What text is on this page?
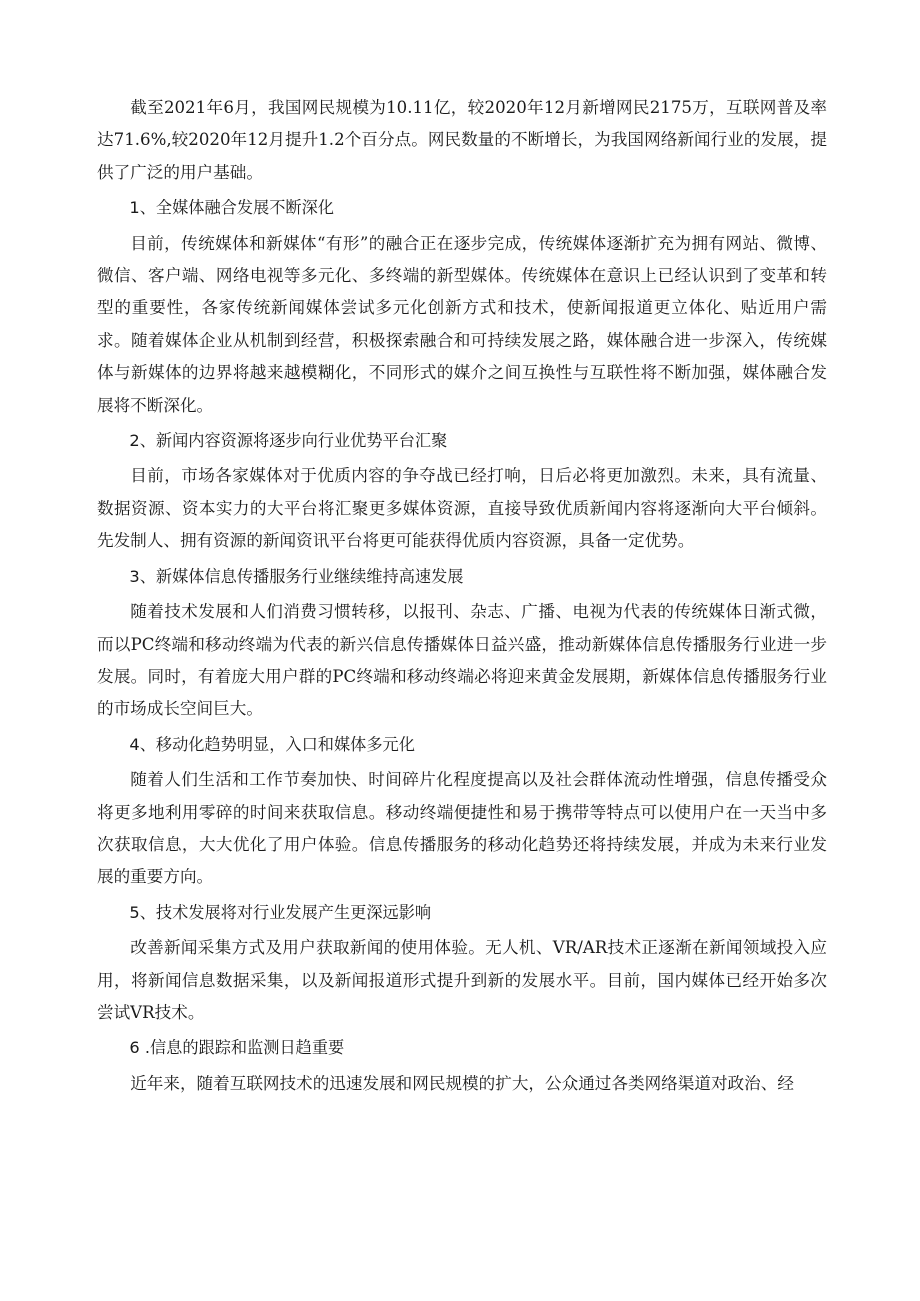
截至2021年6月，我国网民规模为10.11亿，较2020年12月新增网民2175万，互联网普及率达71.6%,较2020年12月提升1.2个百分点。网民数量的不断增长，为我国网络新闻行业的发展，提供了广泛的用户基础。

1、全媒体融合发展不断深化

目前，传统媒体和新媒体“有形”的融合正在逐步完成，传统媒体逐渐扩充为拥有网站、微博、微信、客户端、网络电视等多元化、多终端的新型媒体。传统媒体在意识上已经认识到了变革和转型的重要性，各家传统新闻媒体尝试多元化创新方式和技术，使新闻报道更立体化、贴近用户需求。随着媒体企业从机制到经营，积极探索融合和可持续发展之路，媒体融合进一步深入，传统媒体与新媒体的边界将越来越模糊化，不同形式的媒介之间互换性与互联性将不断加强，媒体融合发展将不断深化。

2、新闻内容资源将逐步向行业优势平台汇聚

目前，市场各家媒体对于优质内容的争夺战已经打响，日后必将更加激烈。未来，具有流量、数据资源、资本实力的大平台将汇聚更多媒体资源，直接导致优质新闻内容将逐渐向大平台倾斜。先发制人、拥有资源的新闻资讯平台将更可能获得优质内容资源，具备一定优势。

3、新媒体信息传播服务行业继续维持高速发展

随着技术发展和人们消费习惯转移，以报刊、杂志、广播、电视为代表的传统媒体日渐式微，而以PC终端和移动终端为代表的新兴信息传播媒体日益兴盛，推动新媒体信息传播服务行业进一步发展。同时，有着庞大用户群的PC终端和移动终端必将迎来黄金发展期，新媒体信息传播服务行业的市场成长空间巨大。

4、移动化趋势明显，入口和媒体多元化

随着人们生活和工作节奏加快、时间碎片化程度提高以及社会群体流动性增强，信息传播受众将更多地利用零碎的时间来获取信息。移动终端便捷性和易于携带等特点可以使用户在一天当中多次获取信息，大大优化了用户体验。信息传播服务的移动化趋势还将持续发展，并成为未来行业发展的重要方向。

5、技术发展将对行业发展产生更深远影响

改善新闻采集方式及用户获取新闻的使用体验。无人机、VR/AR技术正逐渐在新闻领域投入应用，将新闻信息数据采集，以及新闻报道形式提升到新的发展水平。目前，国内媒体已经开始多次尝试VR技术。

6 .信息的跟踪和监测日趋重要

近年来，随着互联网技术的迅速发展和网民规模的扩大，公众通过各类网络渠道对政治、经
